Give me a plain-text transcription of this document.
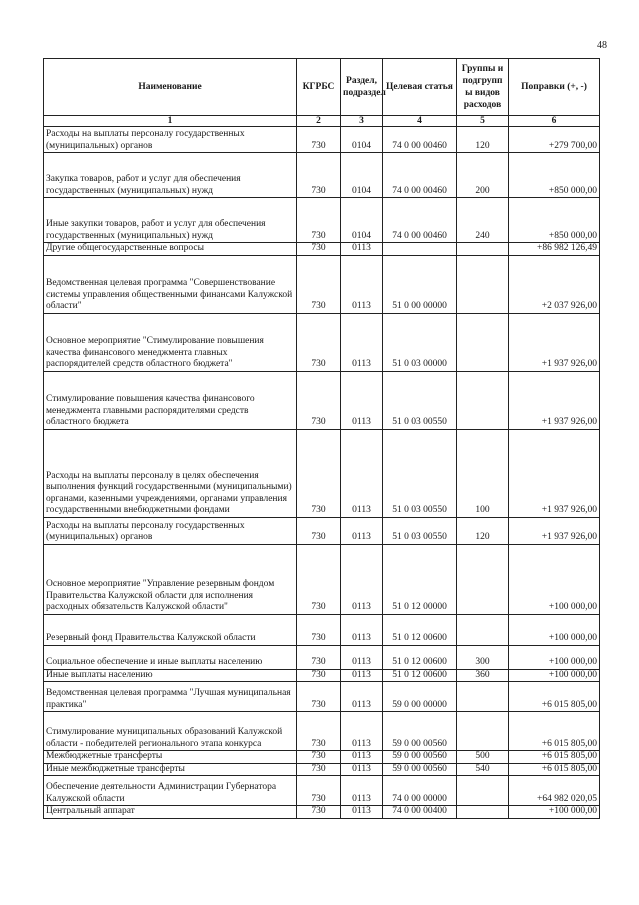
48
Наименование	КГРБС	Раздел, подраздел	Целевая статья	Группы и подгрупп ы видов расходов	Поправки (+, -)
1	2	3	4	5	6
Расходы на выплаты персоналу государственных (муниципальных) органов	730	0104	74 0 00 00460	120	+279 700,00
Закупка товаров, работ и услуг для обеспечения государственных (муниципальных) нужд	730	0104	74 0 00 00460	200	+850 000,00
Иные закупки товаров, работ и услуг для обеспечения государственных (муниципальных) нужд	730	0104	74 0 00 00460	240	+850 000,00
Другие общегосударственные вопросы	730	0113			+86 982 126,49
Ведомственная целевая программа "Совершенствование системы управления общественными финансами Калужской области"	730	0113	51 0 00 00000		+2 037 926,00
Основное мероприятие "Стимулирование повышения качества финансового менеджмента главных распорядителей средств областного бюджета"	730	0113	51 0 03 00000		+1 937 926,00
Стимулирование повышения качества финансового менеджмента главными распорядителями средств областного бюджета	730	0113	51 0 03 00550		+1 937 926,00
Расходы на выплаты персоналу в целях обеспечения выполнения функций государственными (муниципальными) органами, казенными учреждениями, органами управления государственными внебюджетными фондами	730	0113	51 0 03 00550	100	+1 937 926,00
Расходы на выплаты персоналу государственных (муниципальных) органов	730	0113	51 0 03 00550	120	+1 937 926,00
Основное мероприятие "Управление резервным фондом Правительства Калужской области для исполнения расходных обязательств Калужской области"	730	0113	51 0 12 00000		+100 000,00
Резервный фонд Правительства Калужской области	730	0113	51 0 12 00600		+100 000,00
Социальное обеспечение и иные выплаты населению	730	0113	51 0 12 00600	300	+100 000,00
Иные выплаты населению	730	0113	51 0 12 00600	360	+100 000,00
Ведомственная целевая программа "Лучшая муниципальная практика"	730	0113	59 0 00 00000		+6 015 805,00
Стимулирование муниципальных образований Калужской области - победителей регионального этапа конкурса	730	0113	59 0 00 00560		+6 015 805,00
Межбюджетные трансферты	730	0113	59 0 00 00560	500	+6 015 805,00
Иные межбюджетные трансферты	730	0113	59 0 00 00560	540	+6 015 805,00
Обеспечение деятельности Администрации Губернатора Калужской области	730	0113	74 0 00 00000		+64 982 020,05
Центральный аппарат	730	0113	74 0 00 00400		+100 000,00
